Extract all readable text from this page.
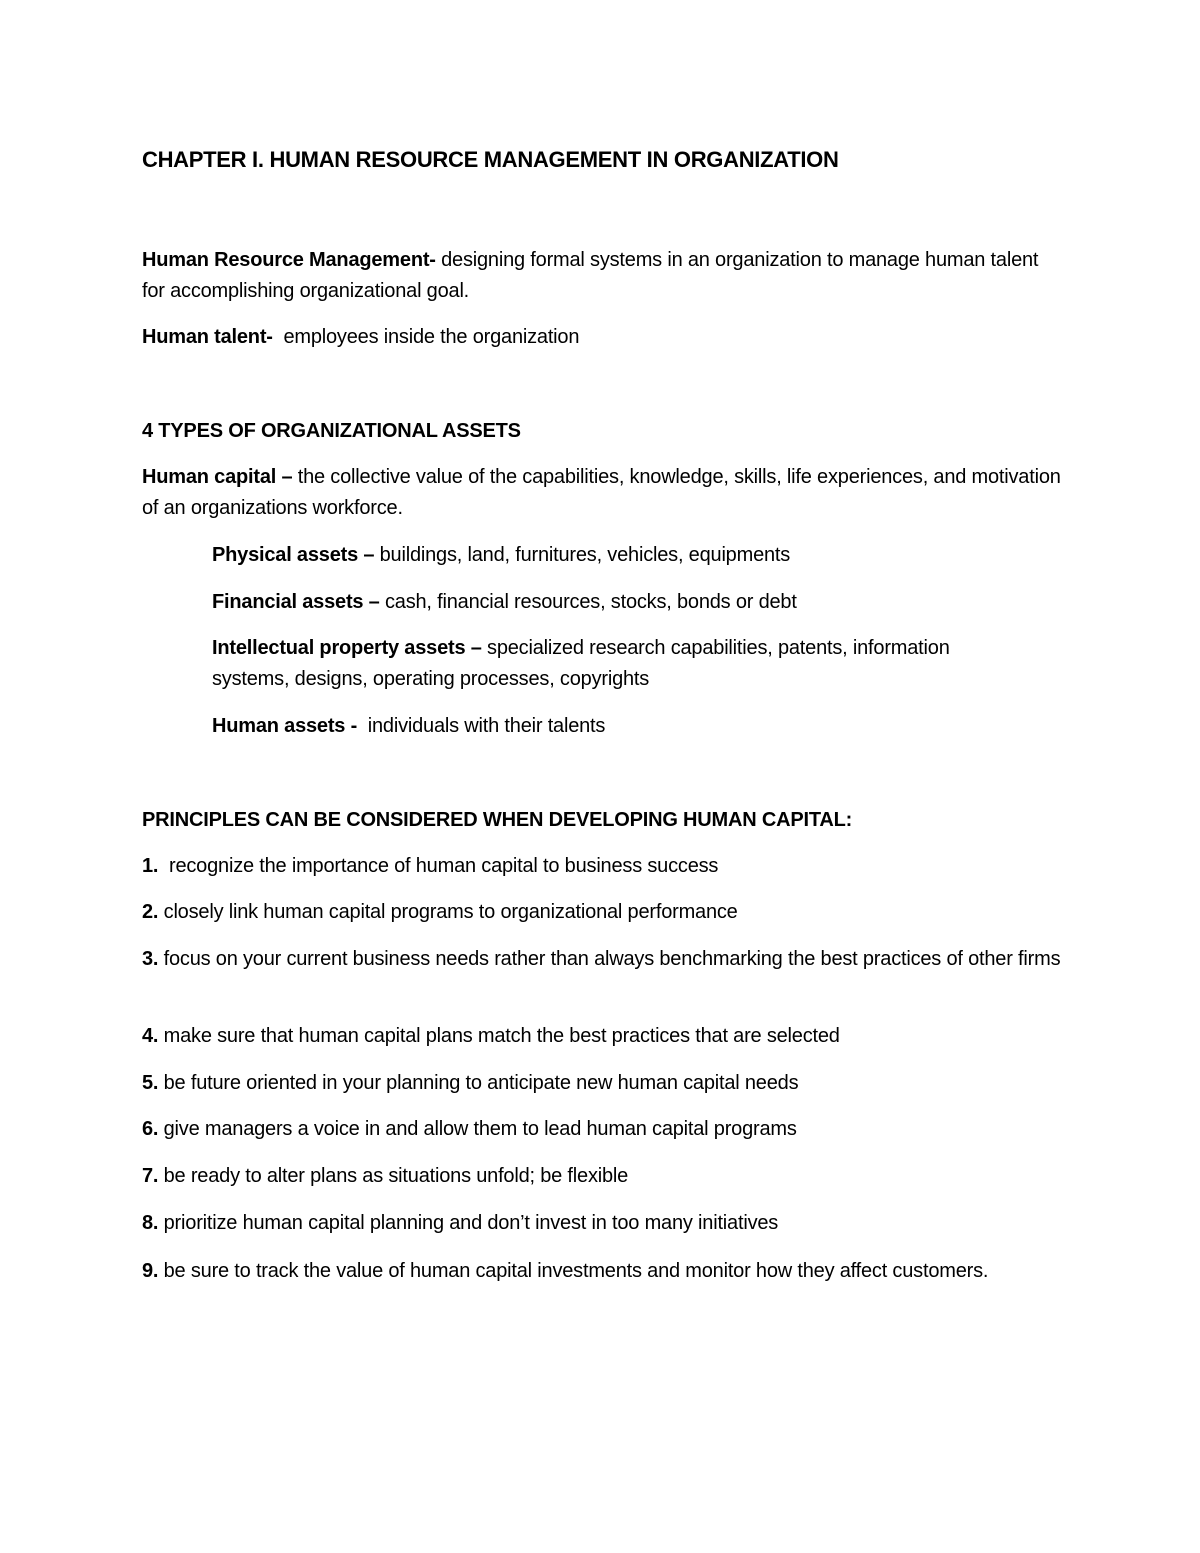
CHAPTER I. HUMAN RESOURCE MANAGEMENT IN ORGANIZATION

Human Resource Management- designing formal systems in an organization to manage human talent for accomplishing organizational goal.

Human talent-  employees inside the organization

4 TYPES OF ORGANIZATIONAL ASSETS

Human capital – the collective value of the capabilities, knowledge, skills, life experiences, and motivation of an organizations workforce.

Physical assets – buildings, land, furnitures, vehicles, equipments

Financial assets – cash, financial resources, stocks, bonds or debt

Intellectual property assets – specialized research capabilities, patents, information systems, designs, operating processes, copyrights

Human assets -  individuals with their talents

PRINCIPLES CAN BE CONSIDERED WHEN DEVELOPING HUMAN CAPITAL:

1.  recognize the importance of human capital to business success

2. closely link human capital programs to organizational performance

3. focus on your current business needs rather than always benchmarking the best practices of other firms

4. make sure that human capital plans match the best practices that are selected

5. be future oriented in your planning to anticipate new human capital needs

6. give managers a voice in and allow them to lead human capital programs

7. be ready to alter plans as situations unfold; be flexible

8. prioritize human capital planning and don’t invest in too many initiatives

9. be sure to track the value of human capital investments and monitor how they affect customers.
